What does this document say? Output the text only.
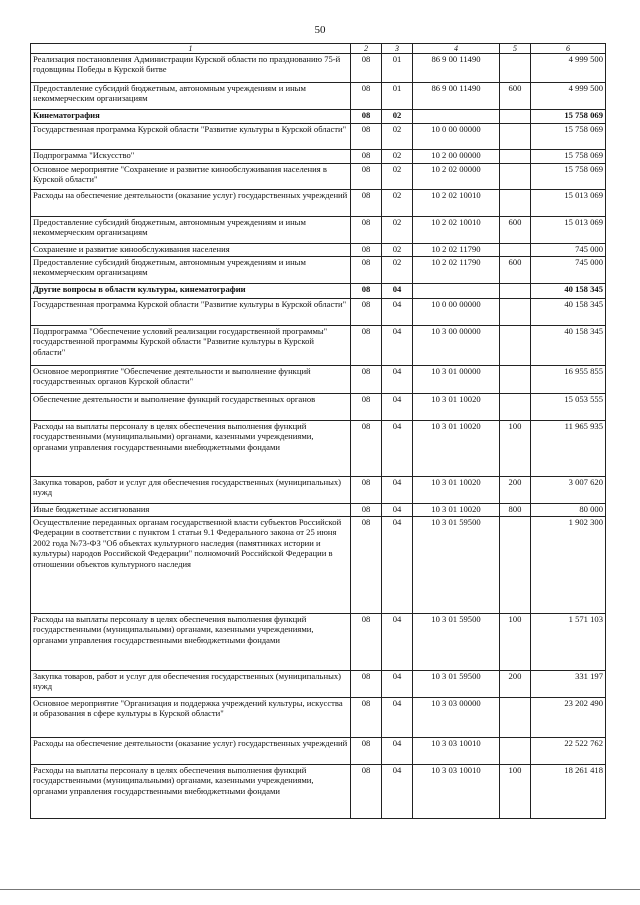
50
1	2	3	4	5	6
Реализация постановления Администрации Курской области по празднованию 75-й годовщины Победы в Курской битве	08	01	86 9 00 11490		4 999 500
Предоставление субсидий бюджетным, автономным учреждениям и иным некоммерческим организациям	08	01	86 9 00 11490	600	4 999 500
Кинематография	08	02			15 758 069
Государственная программа Курской области "Развитие культуры в Курской области"	08	02	10 0 00 00000		15 758 069
Подпрограмма "Искусство"	08	02	10 2 00 00000		15 758 069
Основное мероприятие "Сохранение и развитие кинообслуживания населения в Курской области"	08	02	10 2 02 00000		15 758 069
Расходы на обеспечение деятельности (оказание услуг) государственных учреждений	08	02	10 2 02 10010		15 013 069
Предоставление субсидий бюджетным, автономным учреждениям и иным некоммерческим организациям	08	02	10 2 02 10010	600	15 013 069
Сохранение и развитие кинообслуживания населения	08	02	10 2 02 11790		745 000
Предоставление субсидий бюджетным, автономным учреждениям и иным некоммерческим организациям	08	02	10 2 02 11790	600	745 000
Другие вопросы в области культуры, кинематографии	08	04			40 158 345
Государственная программа Курской области "Развитие культуры в Курской области"	08	04	10 0 00 00000		40 158 345
Подпрограмма "Обеспечение условий реализации государственной программы" государственной программы Курской области "Развитие культуры в Курской области"	08	04	10 3 00 00000		40 158 345
Основное мероприятие "Обеспечение деятельности и выполнение функций государственных органов Курской области"	08	04	10 3 01 00000		16 955 855
Обеспечение деятельности и выполнение функций государственных органов	08	04	10 3 01 10020		15 053 555
Расходы на выплаты персоналу в целях обеспечения выполнения функций государственными (муниципальными) органами, казенными учреждениями, органами управления государственными внебюджетными фондами	08	04	10 3 01 10020	100	11 965 935
Закупка товаров, работ и услуг для обеспечения государственных (муниципальных) нужд	08	04	10 3 01 10020	200	3 007 620
Иные бюджетные ассигнования	08	04	10 3 01 10020	800	80 000
Осуществление переданных органам государственной власти субъектов Российской Федерации в соответствии с пунктом 1 статьи 9.1 Федерального закона от 25 июня 2002 года №73-ФЗ "Об объектах культурного наследия (памятниках истории и культуры) народов Российской Федерации" полномочий Российской Федерации в отношении объектов культурного наследия	08	04	10 3 01 59500		1 902 300
Расходы на выплаты персоналу в целях обеспечения выполнения функций государственными (муниципальными) органами, казенными учреждениями, органами управления государственными внебюджетными фондами	08	04	10 3 01 59500	100	1 571 103
Закупка товаров, работ и услуг для обеспечения государственных (муниципальных) нужд	08	04	10 3 01 59500	200	331 197
Основное мероприятие "Организация и поддержка учреждений культуры, искусства и образования в сфере культуры в Курской области"	08	04	10 3 03 00000		23 202 490
Расходы на обеспечение деятельности (оказание услуг) государственных учреждений	08	04	10 3 03 10010		22 522 762
Расходы на выплаты персоналу в целях обеспечения выполнения функций государственными (муниципальными) органами, казенными учреждениями, органами управления государственными внебюджетными фондами	08	04	10 3 03 10010	100	18 261 418
